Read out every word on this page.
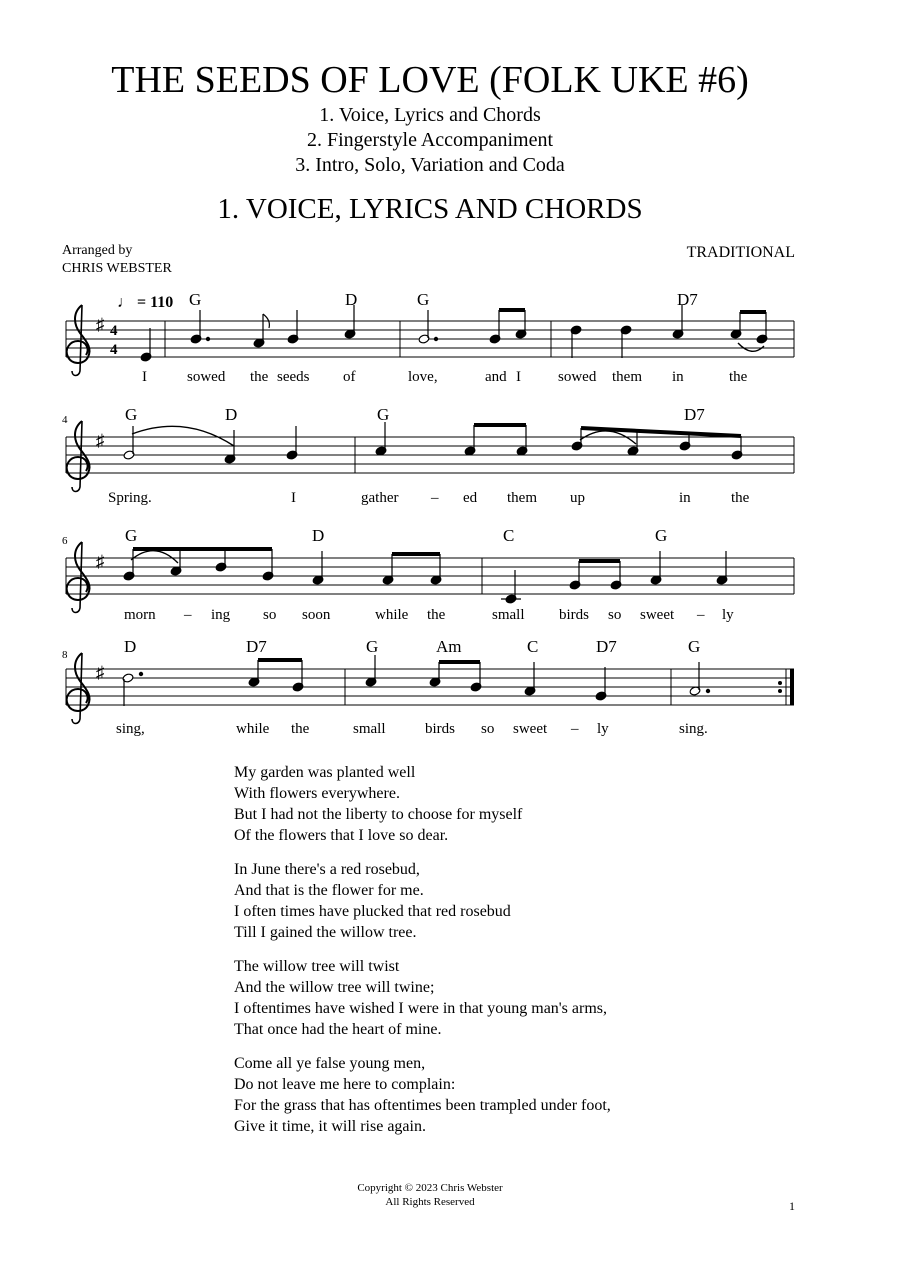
THE SEEDS OF LOVE (FOLK UKE #6)
1. Voice, Lyrics and Chords
2. Fingerstyle Accompaniment
3. Intro, Solo, Variation and Coda
1. VOICE, LYRICS AND CHORDS
Arranged by
CHRIS WEBSTER
TRADITIONAL
♯ 4
4
♩ = 110 G	D	G	D7
I	sowed the seeds of	love,	and I sowed them in	the
4
♯
G	D	G	D7
Spring.	I	gather – ed them up	in	the
6
♯
G	D	C	G
morn – ing so soon	while the	small birds so sweet – ly
8
♯
D	D7	G	Am	C	D7	G
sing,	while the	small	birds so sweet – ly	sing.
My garden was planted well
With flowers everywhere.
But I had not the liberty to choose for myself
Of the flowers that I love so dear.
In June there's a red rosebud,
And that is the flower for me.
I often times have plucked that red rosebud
Till I gained the willow tree.
The willow tree will twist
And the willow tree will twine;
I oftentimes have wished I were in that young man's arms,
That once had the heart of mine.
Come all ye false young men,
Do not leave me here to complain:
For the grass that has oftentimes been trampled under foot,
Give it time, it will rise again.
Copyright © 2023 Chris Webster
All Rights Reserved	1
